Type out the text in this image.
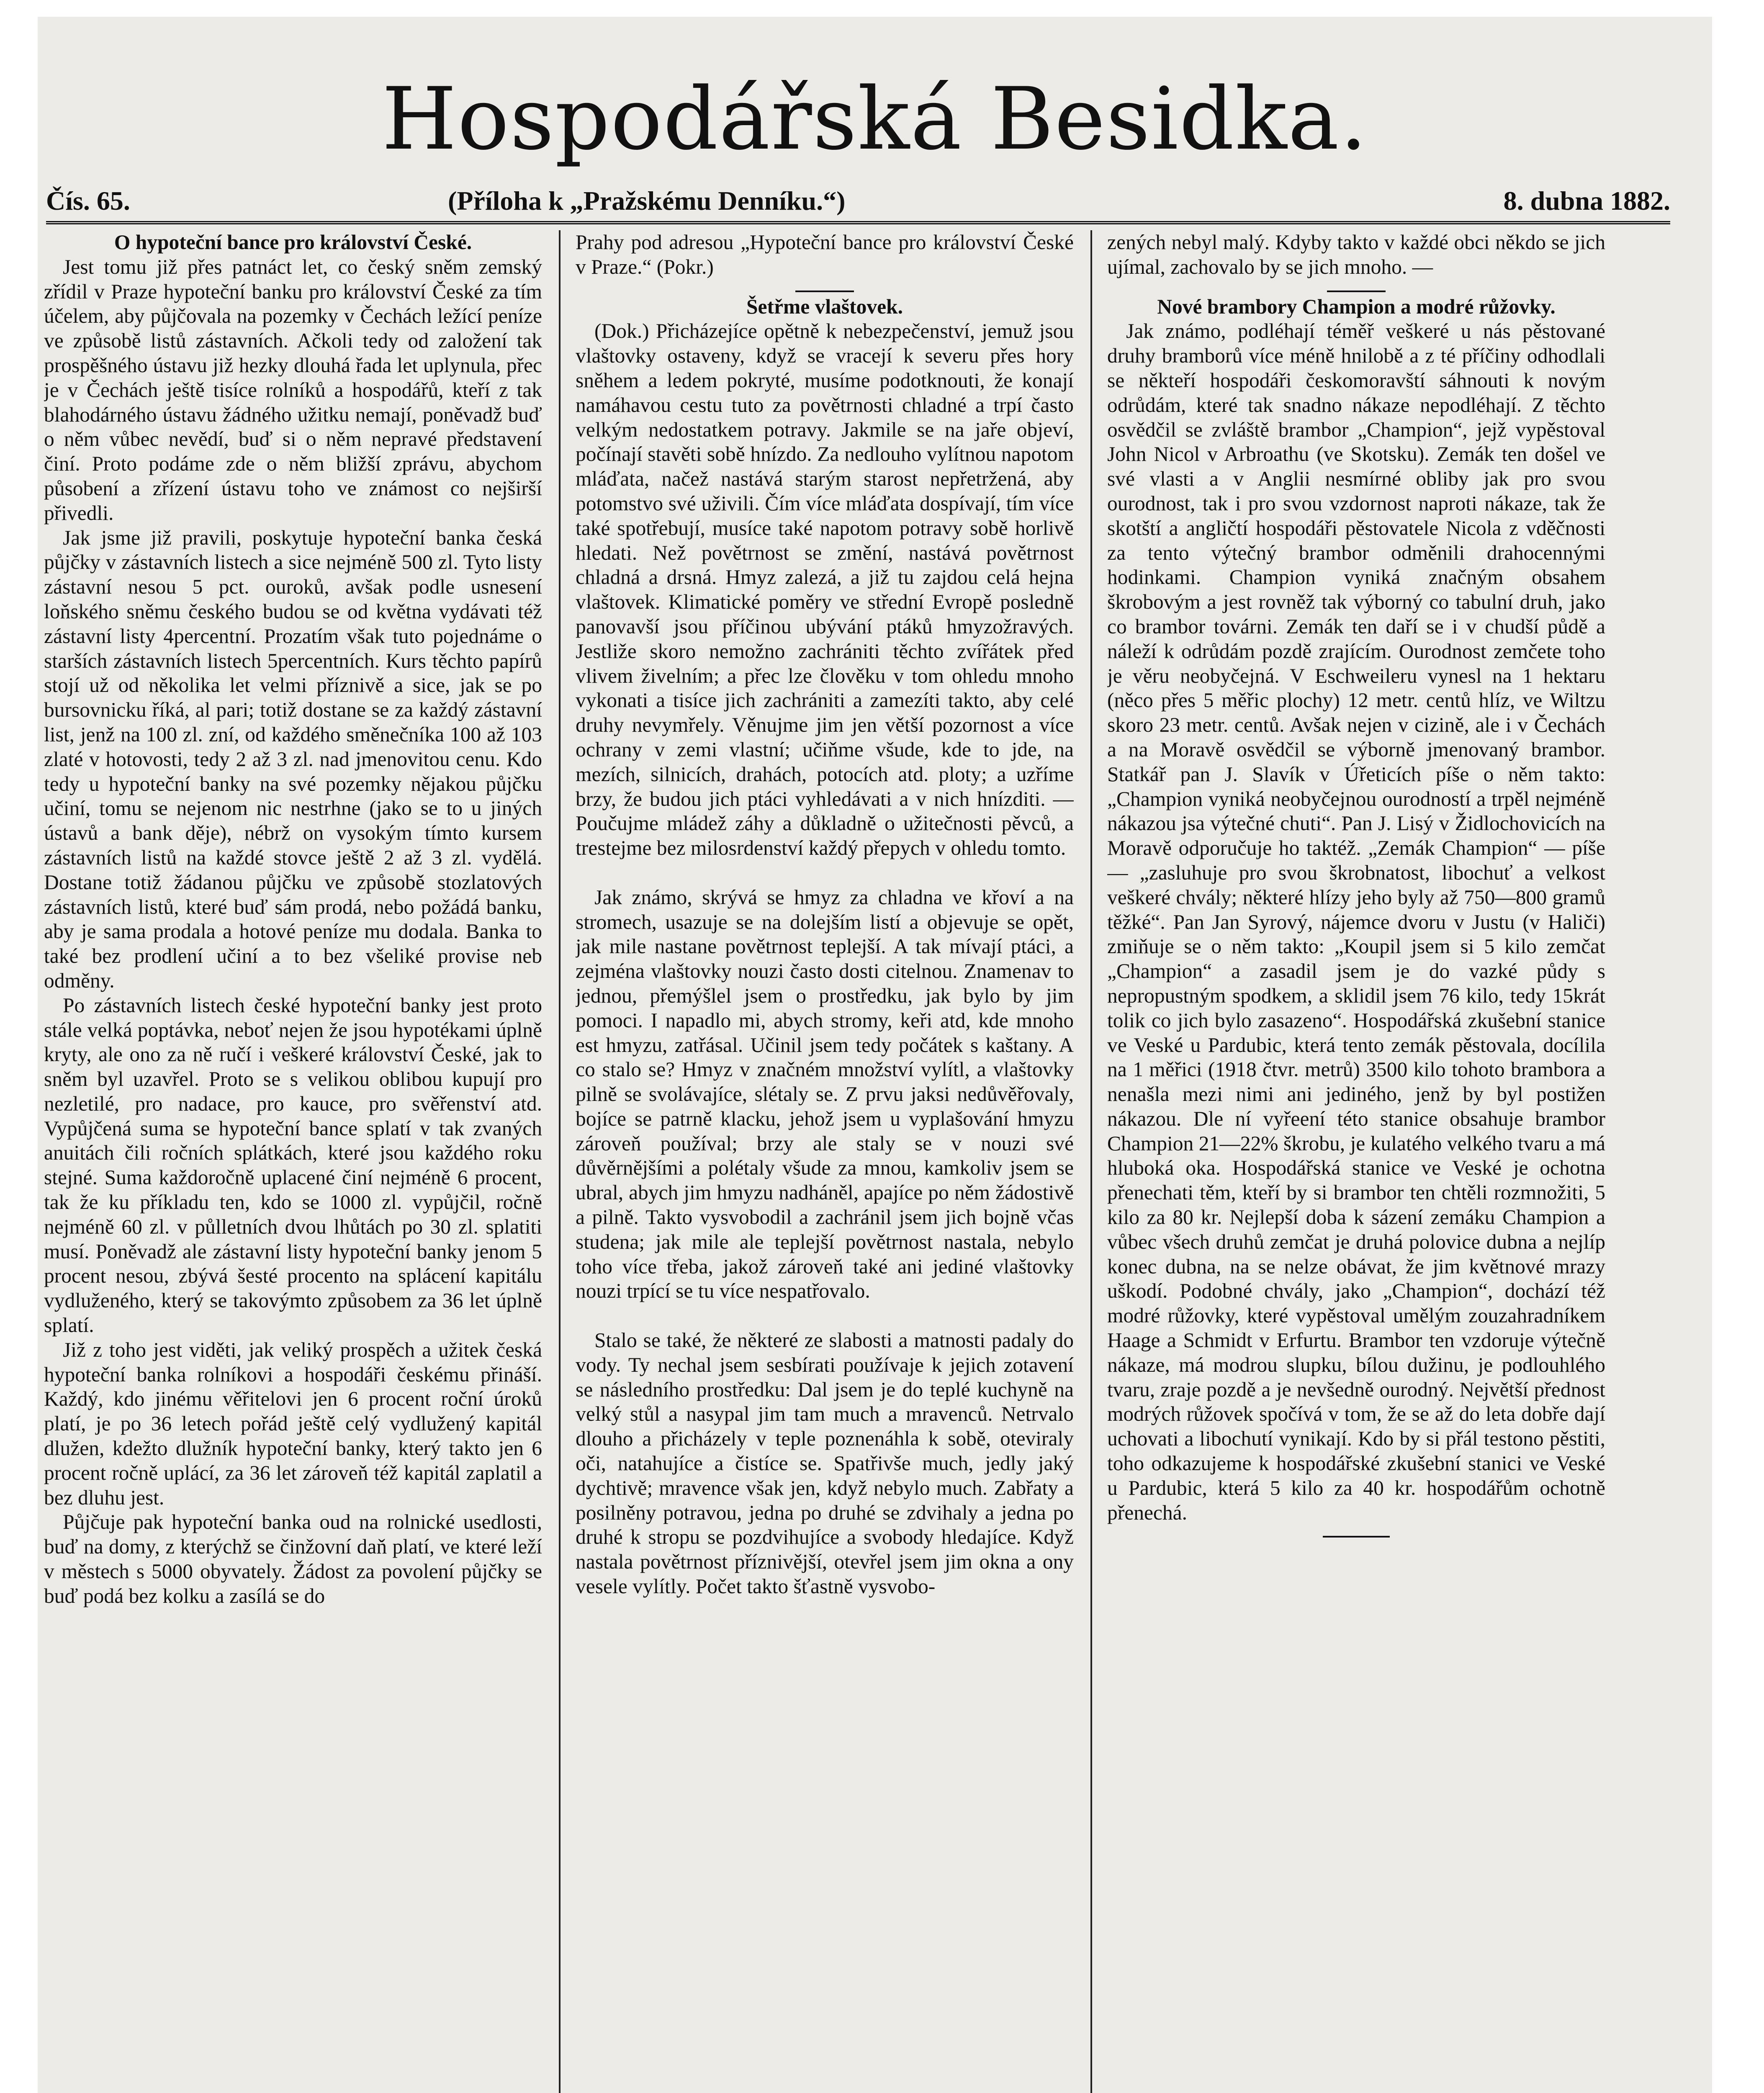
Hospodářská Besidka.
Čís. 65.	(Příloha k „Pražskému Denníku.“)	8. dubna 1882.
O hypoteční bance pro království České.

Jest tomu již přes patnáct let, co český sněm zemský zřídil v Praze hypoteční banku pro království České za tím účelem, aby půjčovala na pozemky v Čechách ležící peníze ve způsobě listů zástavních. Ačkoli tedy od založení tak prospěšného ústavu již hezky dlouhá řada let uplynula, přec je v Čechách ještě tisíce rolníků a hospodářů, kteří z tak blahodárného ústavu žádného užitku nemají, poněvadž buď o něm vůbec nevědí, buď si o něm nepravé představení činí. Proto podáme zde o něm bližší zprávu, abychom působení a zřízení ústavu toho ve známost co nejširší přivedli.

Jak jsme již pravili, poskytuje hypoteční banka česká půjčky v zástavních listech a sice nejméně 500 zl. Tyto listy zástavní nesou 5 pct. ouroků, avšak podle usnesení loňského sněmu českého budou se od května vydávati též zástavní listy 4percentní. Prozatím však tuto pojednáme o starších zástavních listech 5percentních. Kurs těchto papírů stojí už od několika let velmi příznivě a sice, jak se po bursovnicku říká, al pari; totiž dostane se za každý zástavní list, jenž na 100 zl. zní, od každého směnečníka 100 až 103 zlaté v hotovosti, tedy 2 až 3 zl. nad jmenovitou cenu. Kdo tedy u hypoteční banky na své pozemky nějakou půjčku učiní, tomu se nejenom nic nestrhne (jako se to u jiných ústavů a bank děje), nébrž on vysokým tímto kursem zástavních listů na každé stovce ještě 2 až 3 zl. vydělá. Dostane totiž žádanou půjčku ve způsobě stozlatových zástavních listů, které buď sám prodá, nebo požádá banku, aby je sama prodala a hotové peníze mu dodala. Banka to také bez prodlení učiní a to bez všeliké provise neb odměny.

Po zástavních listech české hypoteční banky jest proto stále velká poptávka, neboť nejen že jsou hypotékami úplně kryty, ale ono za ně ručí i veškeré království České, jak to sněm byl uzavřel. Proto se s velikou oblibou kupují pro nezletilé, pro nadace, pro kauce, pro svěřenství atd. Vypůjčená suma se hypoteční bance splatí v tak zvaných anuitách čili ročních splátkách, které jsou každého roku stejné. Suma každoročně uplacené činí nejméně 6 procent, tak že ku příkladu ten, kdo se 1000 zl. vypůjčil, ročně nejméně 60 zl. v půlletních dvou lhůtách po 30 zl. splatiti musí. Poněvadž ale zástavní listy hypoteční banky jenom 5 procent nesou, zbývá šesté procento na splácení kapitálu vydluženého, který se takovýmto způsobem za 36 let úplně splatí.

Již z toho jest viděti, jak veliký prospěch a užitek česká hypoteční banka rolníkovi a hospodáři českému přináší. Každý, kdo jinému věřitelovi jen 6 procent roční úroků platí, je po 36 letech pořád ještě celý vydlužený kapitál dlužen, kdežto dlužník hypoteční banky, který takto jen 6 procent ročně uplácí, za 36 let zároveň též kapitál zaplatil a bez dluhu jest.

Půjčuje pak hypoteční banka oud na rolnické usedlosti, buď na domy, z kterýchž se činžovní daň platí, ve které leží v městech s 5000 obyvately. Žádost za povolení půjčky se buď podá bez kolku a zasílá se do

Prahy pod adresou „Hypoteční bance pro království České v Praze.“ (Pokr.)

Šetřme vlaštovek.

(Dok.) Přicházejíce opětně k nebezpečenství, jemuž jsou vlaštovky ostaveny, když se vracejí k severu přes hory sněhem a ledem pokryté, musíme podotknouti, že konají namáhavou cestu tuto za povětrnosti chladné a trpí často velkým nedostatkem potravy. Jakmile se na jaře objeví, počínají stavěti sobě hnízdo. Za nedlouho vylítnou napotom mláďata, načež nastává starým starost nepřetržená, aby potomstvo své uživili. Čím více mláďata dospívají, tím více také spotřebují, musíce také napotom potravy sobě horlivě hledati. Než povětrnost se změní, nastává povětrnost chladná a drsná. Hmyz zalezá, a již tu zajdou celá hejna vlaštovek. Klimatické poměry ve střední Evropě posledně panovavší jsou příčinou ubývání ptáků hmyzožravých. Jestliže skoro nemožno zachrániti těchto zvířátek před vlivem živelním; a přec lze člověku v tom ohledu mnoho vykonati a tisíce jich zachrániti a zamezíti takto, aby celé druhy nevymřely. Věnujme jim jen větší pozornost a více ochrany v zemi vlastní; učiňme všude, kde to jde, na mezích, silnicích, drahách, potocích atd. ploty; a uzříme brzy, že budou jich ptáci vyhledávati a v nich hnízditi. — Poučujme mládež záhy a důkladně o užitečnosti pěvců, a trestejme bez milosrdenství každý přepych v ohledu tomto.

Jak známo, skrývá se hmyz za chladna ve křoví a na stromech, usazuje se na dolejším listí a objevuje se opět, jak mile nastane povětrnost teplejší. A tak mívají ptáci, a zejména vlaštovky nouzi často dosti citelnou. Znamenav to jednou, přemýšlel jsem o prostředku, jak bylo by jim pomoci. I napadlo mi, abych stromy, keři atd, kde mnoho est hmyzu, zatřásal. Učinil jsem tedy počátek s kaštany. A co stalo se? Hmyz v značném množství vylítl, a vlaštovky pilně se svolávajíce, slétaly se. Z prvu jaksi nedůvěřovaly, bojíce se patrně klacku, jehož jsem u vyplašování hmyzu zároveň používal; brzy ale staly se v nouzi své důvěrnějšími a polétaly všude za mnou, kamkoliv jsem se ubral, abych jim hmyzu nadháněl, apajíce po něm žádostivě a pilně. Takto vysvobodil a zachránil jsem jich bojně včas studena; jak mile ale teplejší povětrnost nastala, nebylo toho více třeba, jakož zároveň také ani jediné vlaštovky nouzi trpící se tu více nespatřovalo.

Stalo se také, že některé ze slabosti a matnosti padaly do vody. Ty nechal jsem sesbírati používaje k jejich zotavení se následního prostředku: Dal jsem je do teplé kuchyně na velký stůl a nasypal jim tam much a mravenců. Netrvalo dlouho a přicházely v teple poznenáhla k sobě, oteviraly oči, natahujíce a čistíce se. Spatřivše much, jedly jaký dychtivě; mravence však jen, když nebylo much. Zabřaty a posilněny potravou, jedna po druhé se zdvihaly a jedna po druhé k stropu se pozdvihujíce a svobody hledajíce. Když nastala povětrnost příznivější, otevřel jsem jim okna a ony vesele vylítly. Počet takto šťastně vysvobo-

zených nebyl malý. Kdyby takto v každé obci někdo se jich ujímal, zachovalo by se jich mnoho. —

Nové brambory Champion a modré růžovky.

Jak známo, podléhají téměř veškeré u nás pěstované druhy bramborů více méně hnilobě a z té příčiny odhodlali se někteří hospodáři českomoravští sáhnouti k novým odrůdám, které tak snadno nákaze nepodléhají. Z těchto osvědčil se zvláště brambor „Champion“, jejž vypěstoval John Nicol v Arbroathu (ve Skotsku). Zemák ten došel ve své vlasti a v Anglii nesmírné obliby jak pro svou ourodnost, tak i pro svou vzdornost naproti nákaze, tak že skotští a angličtí hospodáři pěstovatele Nicola z vděčnosti za tento výtečný brambor odměnili drahocennými hodinkami. Champion vyniká značným obsahem škrobovým a jest rovněž tak výborný co tabulní druh, jako co brambor továrni. Zemák ten daří se i v chudší půdě a náleží k odrůdám pozdě zrajícím. Ourodnost zemčete toho je věru neobyčejná. V Eschweileru vynesl na 1 hektaru (něco přes 5 měřic plochy) 12 metr. centů hlíz, ve Wiltzu skoro 23 metr. centů. Avšak nejen v cizině, ale i v Čechách a na Moravě osvědčil se výborně jmenovaný brambor. Statkář pan J. Slavík v Úřeticích píše o něm takto: „Champion vyniká neobyčejnou ourodností a trpěl nejméně nákazou jsa výtečné chuti“. Pan J. Lisý v Židlochovicích na Moravě odporučuje ho taktéž. „Zemák Champion“ — píše — „zasluhuje pro svou škrobnatost, libochuť a velkost veškeré chvály; některé hlízy jeho byly až 750—800 gramů těžké“. Pan Jan Syrový, nájemce dvoru v Justu (v Haliči) zmiňuje se o něm takto: „Koupil jsem si 5 kilo zemčat „Champion“ a zasadil jsem je do vazké půdy s nepropustným spodkem, a sklidil jsem 76 kilo, tedy 15krát tolik co jich bylo zasazeno“. Hospodářská zkušební stanice ve Veské u Pardubic, která tento zemák pěstovala, docílila na 1 měřici (1918 čtvr. metrů) 3500 kilo tohoto brambora a nenašla mezi nimi ani jediného, jenž by byl postižen nákazou. Dle ní vyřeení této stanice obsahuje brambor Champion 21—22% škrobu, je kulatého velkého tvaru a má hluboká oka. Hospodářská stanice ve Veské je ochotna přenechati těm, kteří by si brambor ten chtěli rozmnožiti, 5 kilo za 80 kr. Nejlepší doba k sázení zemáku Champion a vůbec všech druhů zemčat je druhá polovice dubna a nejlíp konec dubna, na se nelze obávat, že jim květnové mrazy uškodí. Podobné chvály, jako „Champion“, dochází též modré růžovky, které vypěstoval umělým zouzahradníkem Haage a Schmidt v Erfurtu. Brambor ten vzdoruje výtečně nákaze, má modrou slupku, bílou dužinu, je podlouhlého tvaru, zraje pozdě a je nevšedně ourodný. Největší přednost modrých růžovek spočívá v tom, že se až do leta dobře dají uchovati a libochutí vynikají. Kdo by si přál testono pěstiti, toho odkazujeme k hospodářské zkušební stanici ve Veské u Pardubic, která 5 kilo za 40 kr. hospodářům ochotně přenechá.
